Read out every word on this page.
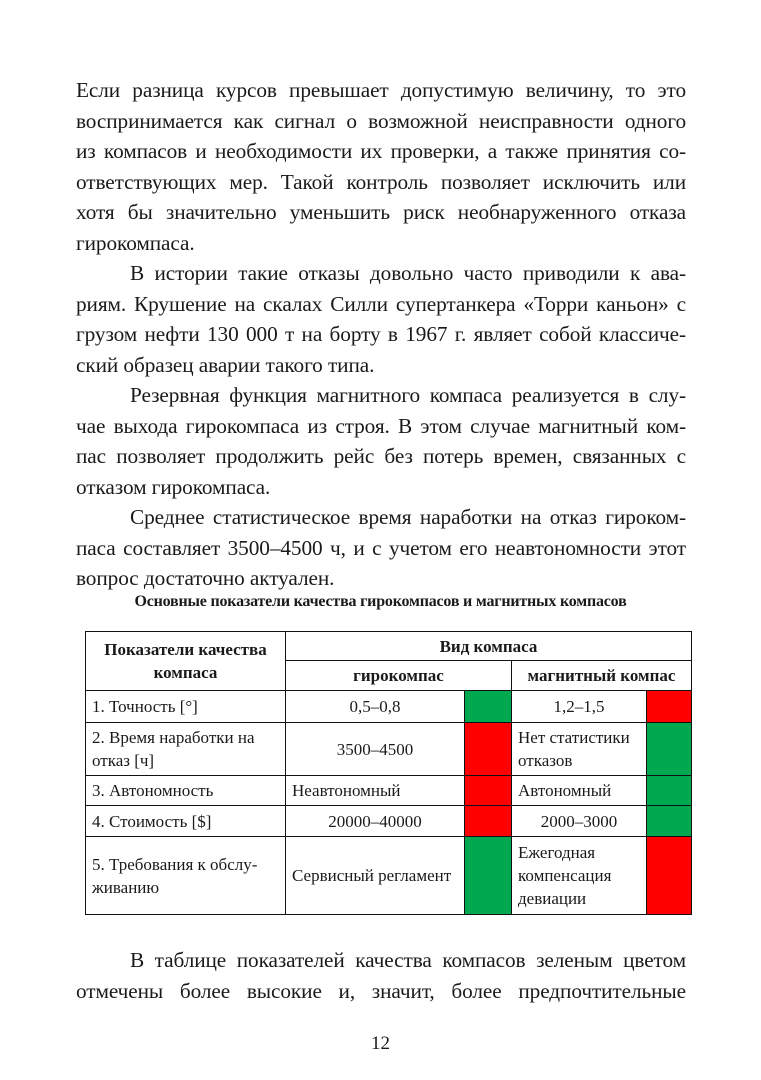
Если разница курсов превышает допустимую величину, то это
воспринимается как сигнал о возможной неисправности одного
из компасов и необходимости их проверки, а также принятия со-
ответствующих мер. Такой контроль позволяет исключить или
хотя бы значительно уменьшить риск необнаруженного отказа
гирокомпаса.

В истории такие отказы довольно часто приводили к ава-
риям. Крушение на скалах Силли супертанкера «Торри каньон» с
грузом нефти 130 000 т на борту в 1967 г. являет собой классиче-
ский образец аварии такого типа.

Резервная функция магнитного компаса реализуется в слу-
чае выхода гирокомпаса из строя. В этом случае магнитный ком-
пас позволяет продолжить рейс без потерь времен, связанных с
отказом гирокомпаса.

Среднее статистическое время наработки на отказ гироком-
паса составляет 3500–4500 ч, и с учетом его неавтономности этот
вопрос достаточно актуален.

Основные показатели качества гирокомпасов и магнитных компасов
Показатели качества компаса	Вид компаса			
	гирокомпас		магнитный компас	
1. Точность [°]	0,5–0,8		1,2–1,5	
2. Время наработки на отказ [ч]	3500–4500		Нет статистики отказов	
3. Автономность	Неавтономный		Автономный	
4. Стоимость [$]	20000–40000		2000–3000	
5. Требования к обслу-живанию	Сервисный регламент		Ежегодная компенсация девиации	

В таблице показателей качества компасов зеленым цветом
отмечены более высокие и, значит, более предпочтительные

12
